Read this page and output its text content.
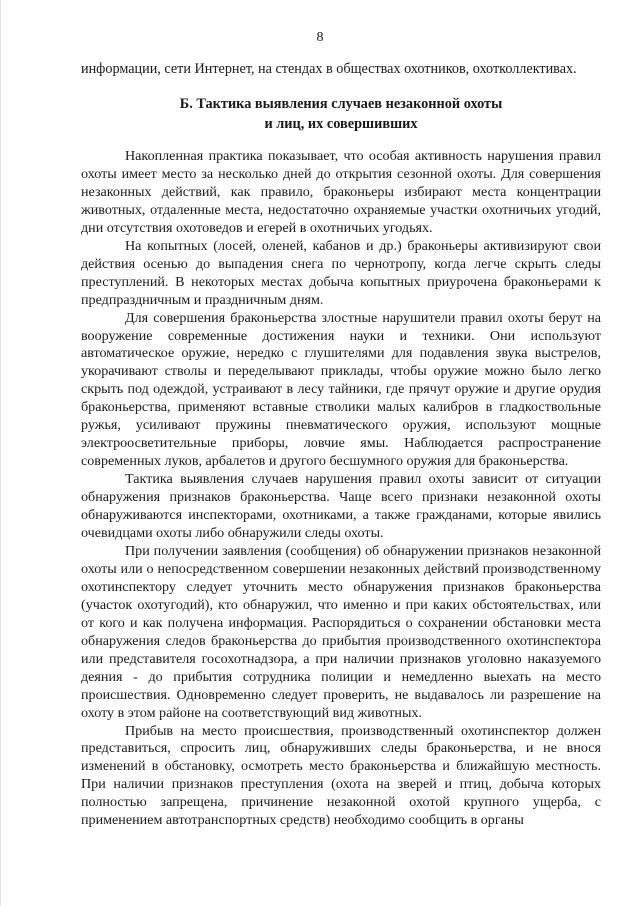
8
информации, сети Интернет, на стендах в обществах охотников, охотколлективах.
Б. Тактика выявления случаев незаконной охоты
и лиц, их совершивших

Накопленная практика показывает, что особая активность нарушения правил охоты имеет место за несколько дней до открытия сезонной охоты. Для совершения незаконных действий, как правило, браконьеры избирают места концентрации животных, отдаленные места, недостаточно охраняемые участки охотничьих угодий, дни отсутствия охотоведов и егерей в охотничьих угодьях.

На копытных (лосей, оленей, кабанов и др.) браконьеры активизируют свои действия осенью до выпадения снега по чернотропу, когда легче скрыть следы преступлений. В некоторых местах добыча копытных приурочена браконьерами к предпраздничным и праздничным дням.

Для совершения браконьерства злостные нарушители правил охоты берут на вооружение современные достижения науки и техники. Они используют автоматическое оружие, нередко с глушителями для подавления звука выстрелов, укорачивают стволы и переделывают приклады, чтобы оружие можно было легко скрыть под одеждой, устраивают в лесу тайники, где прячут оружие и другие орудия браконьерства, применяют вставные стволики малых калибров в гладкоствольные ружья, усиливают пружины пневматического оружия, используют мощные электроосветительные приборы, ловчие ямы. Наблюдается распространение современных луков, арбалетов и другого бесшумного оружия для браконьерства.

Тактика выявления случаев нарушения правил охоты зависит от ситуации обнаружения признаков браконьерства. Чаще всего признаки незаконной охоты обнаруживаются инспекторами, охотниками, а также гражданами, которые явились очевидцами охоты либо обнаружили следы охоты.

При получении заявления (сообщения) об обнаружении признаков незаконной охоты или о непосредственном совершении незаконных действий производственному охотинспектору следует уточнить место обнаружения признаков браконьерства (участок охотугодий), кто обнаружил, что именно и при каких обстоятельствах, или от кого и как получена информация. Распорядиться о сохранении обстановки места обнаружения следов браконьерства до прибытия производственного охотинспектора или представителя госохотнадзора, а при наличии признаков уголовно наказуемого деяния - до прибытия сотрудника полиции и немедленно выехать на место происшествия. Одновременно следует проверить, не выдавалось ли разрешение на охоту в этом районе на соответствующий вид животных.

Прибыв на место происшествия, производственный охотинспектор должен представиться, спросить лиц, обнаруживших следы браконьерства, и не внося изменений в обстановку, осмотреть место браконьерства и ближайшую местность. При наличии признаков преступления (охота на зверей и птиц, добыча которых полностью запрещена, причинение незаконной охотой крупного ущерба, с применением автотранспортных средств) необходимо сообщить в органы
